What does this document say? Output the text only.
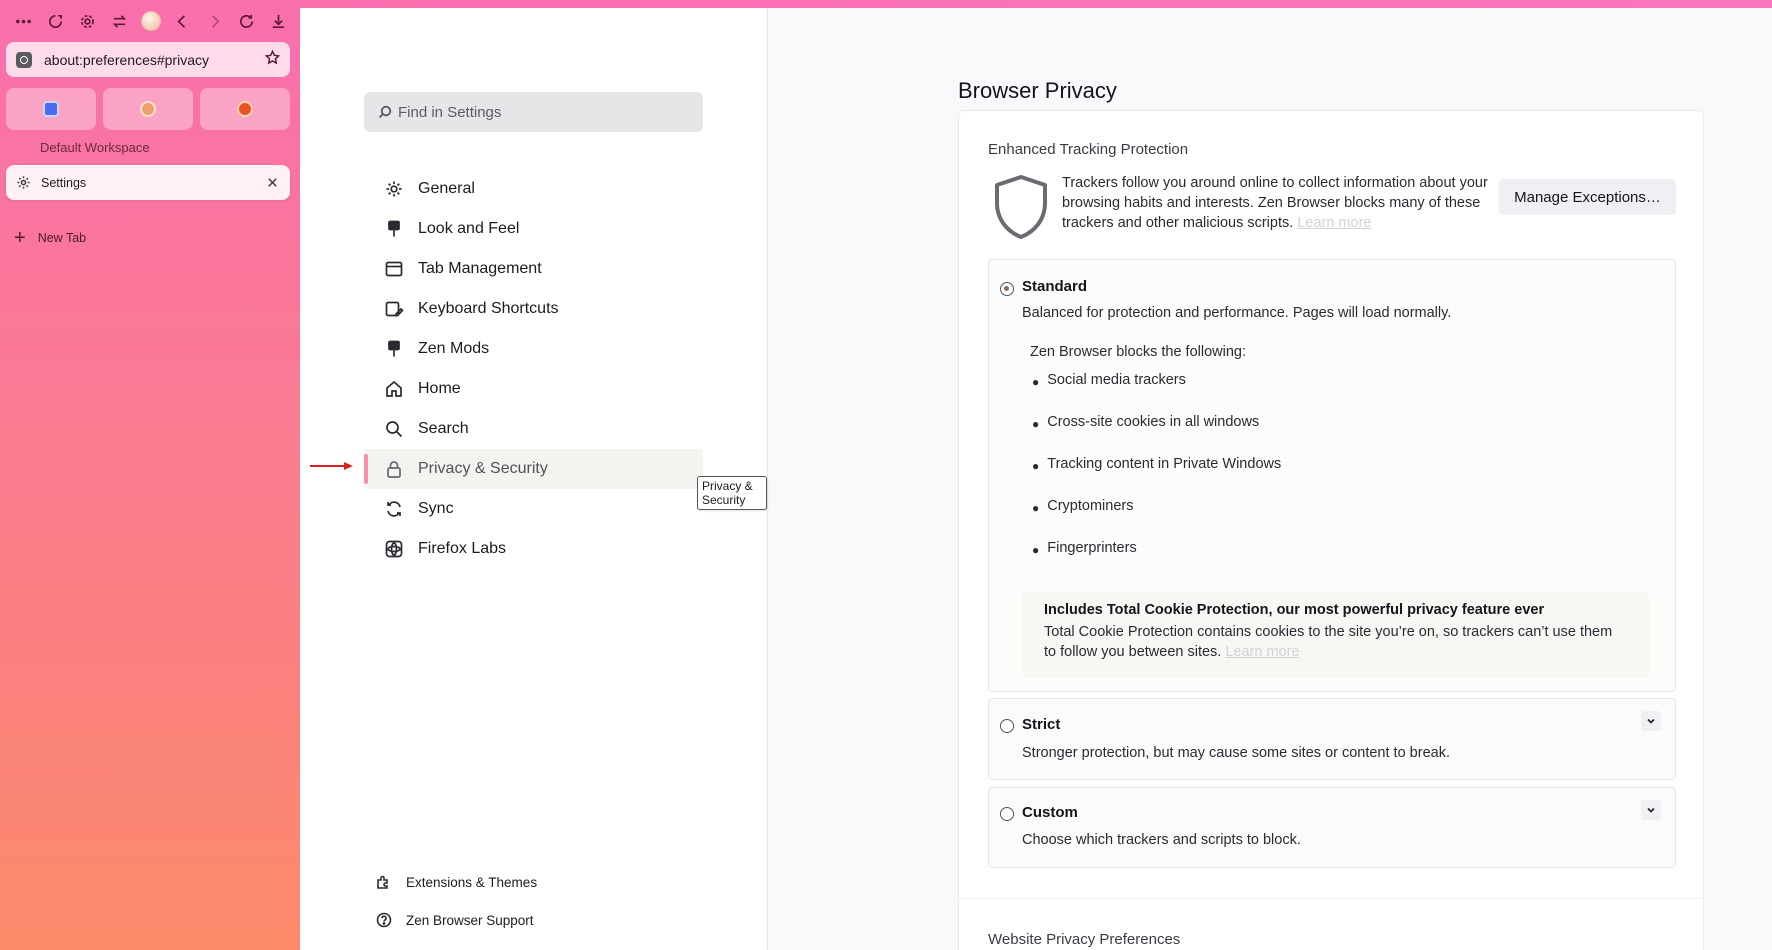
about:preferences#privacy
Default Workspace
Settings
+ New Tab
Find in Settings
General
Look and Feel
Tab Management
Keyboard Shortcuts
Zen Mods
Home
Search
Privacy & Security
Sync
Firefox Labs
Privacy & Security
Extensions & Themes
Zen Browser Support
Browser Privacy
Enhanced Tracking Protection
Trackers follow you around online to collect information about your browsing habits and interests. Zen Browser blocks many of these trackers and other malicious scripts. Learn more
Manage Exceptions…
Standard
Balanced for protection and performance. Pages will load normally.
Zen Browser blocks the following:
● Social media trackers
● Cross-site cookies in all windows
● Tracking content in Private Windows
● Cryptominers
● Fingerprinters
Includes Total Cookie Protection, our most powerful privacy feature ever
Total Cookie Protection contains cookies to the site you’re on, so trackers can’t use them to follow you between sites. Learn more
Strict
Stronger protection, but may cause some sites or content to break.
Custom
Choose which trackers and scripts to block.
Website Privacy Preferences
